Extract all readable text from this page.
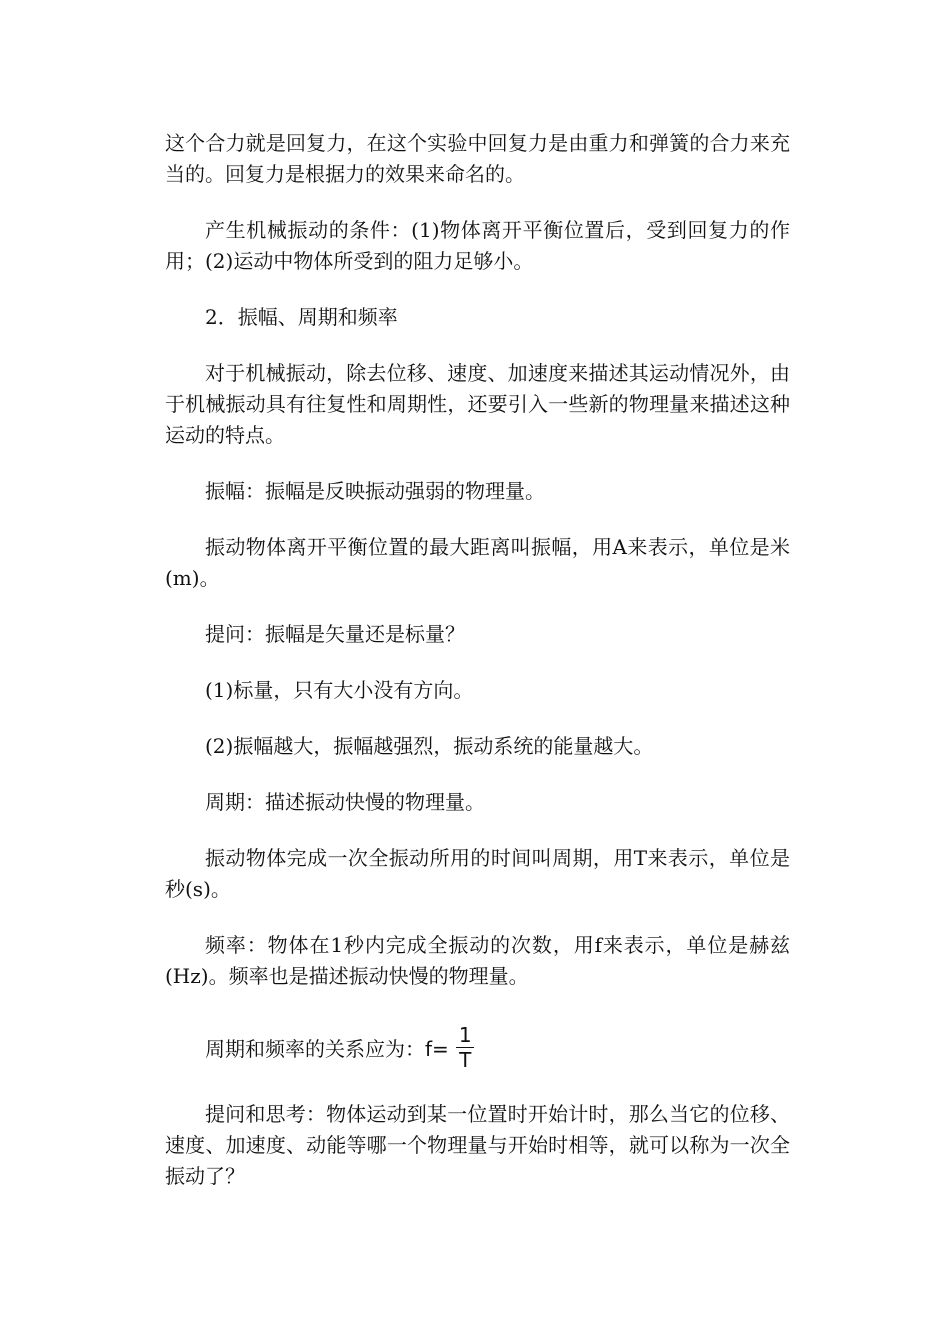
这个合力就是回复力，在这个实验中回复力是由重力和弹簧的合力来充当的。回复力是根据力的效果来命名的。

产生机械振动的条件：(1)物体离开平衡位置后，受到回复力的作用；(2)运动中物体所受到的阻力足够小。

2．振幅、周期和频率

对于机械振动，除去位移、速度、加速度来描述其运动情况外，由于机械振动具有往复性和周期性，还要引入一些新的物理量来描述这种运动的特点。

振幅：振幅是反映振动强弱的物理量。

振动物体离开平衡位置的最大距离叫振幅，用A来表示，单位是米(m)。

提问：振幅是矢量还是标量？

(1)标量，只有大小没有方向。

(2)振幅越大，振幅越强烈，振动系统的能量越大。

周期：描述振动快慢的物理量。

振动物体完成一次全振动所用的时间叫周期，用T来表示，单位是秒(s)。

频率：物体在1秒内完成全振动的次数，用f来表示，单位是赫兹(Hz)。频率也是描述振动快慢的物理量。

周期和频率的关系应为：$f= \frac{1}{T}$

提问和思考：物体运动到某一位置时开始计时，那么当它的位移、速度、加速度、动能等哪一个物理量与开始时相等，就可以称为一次全振动了？
